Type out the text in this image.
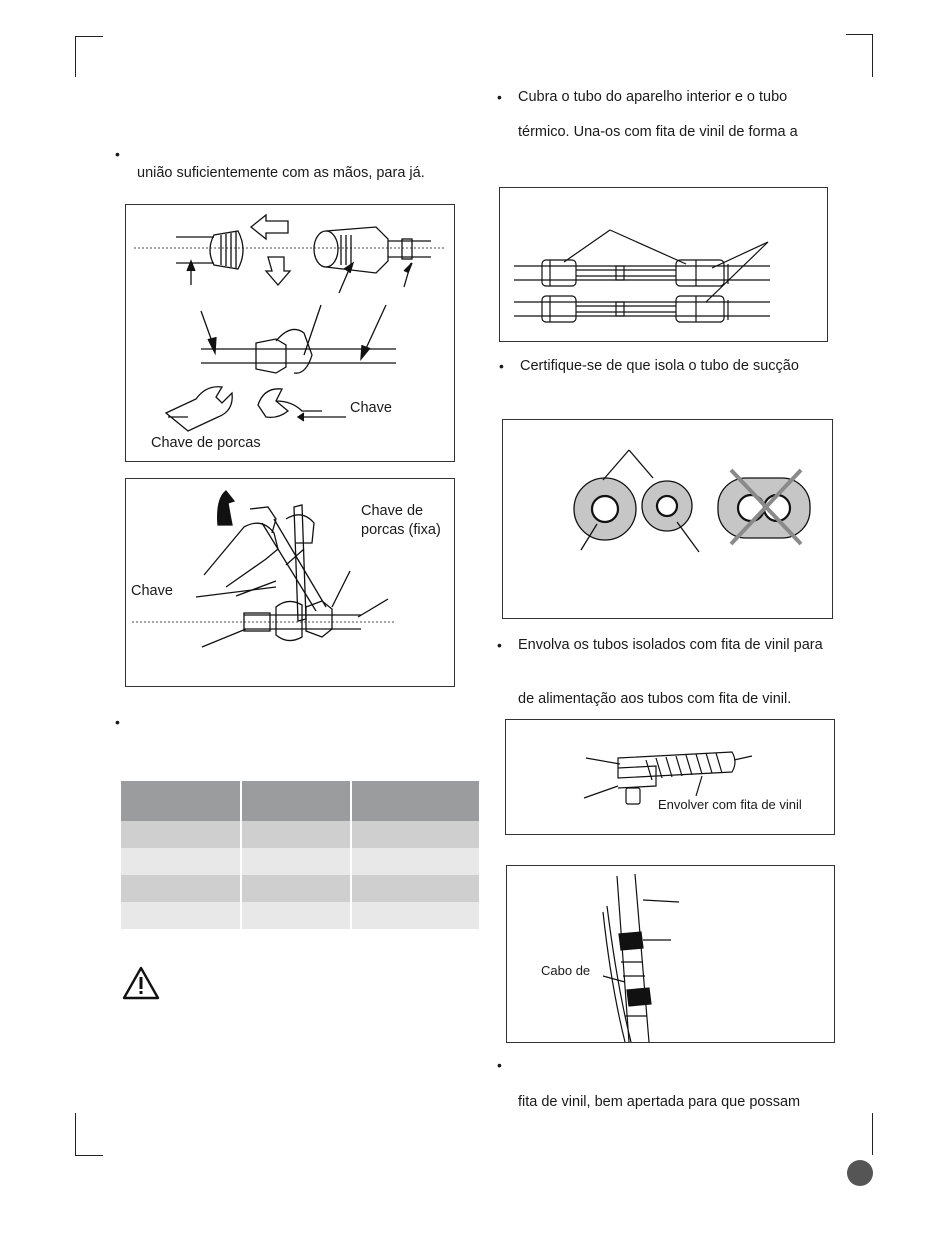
•
união suficientemente com as mãos, para já.
Chave
Chave de porcas
Chave de
porcas (fixa)
Chave
•

• Cubra o tubo do aparelho interior e o tubo
térmico. Una-os com fita de vinil de forma a
• Certifique-se de que isola o tubo de sucção
• Envolva os tubos isolados com fita de vinil para
de alimentação aos tubos com fita de vinil.
Envolver com fita de vinil
Cabo de
•
fita de vinil, bem apertada para que possam
